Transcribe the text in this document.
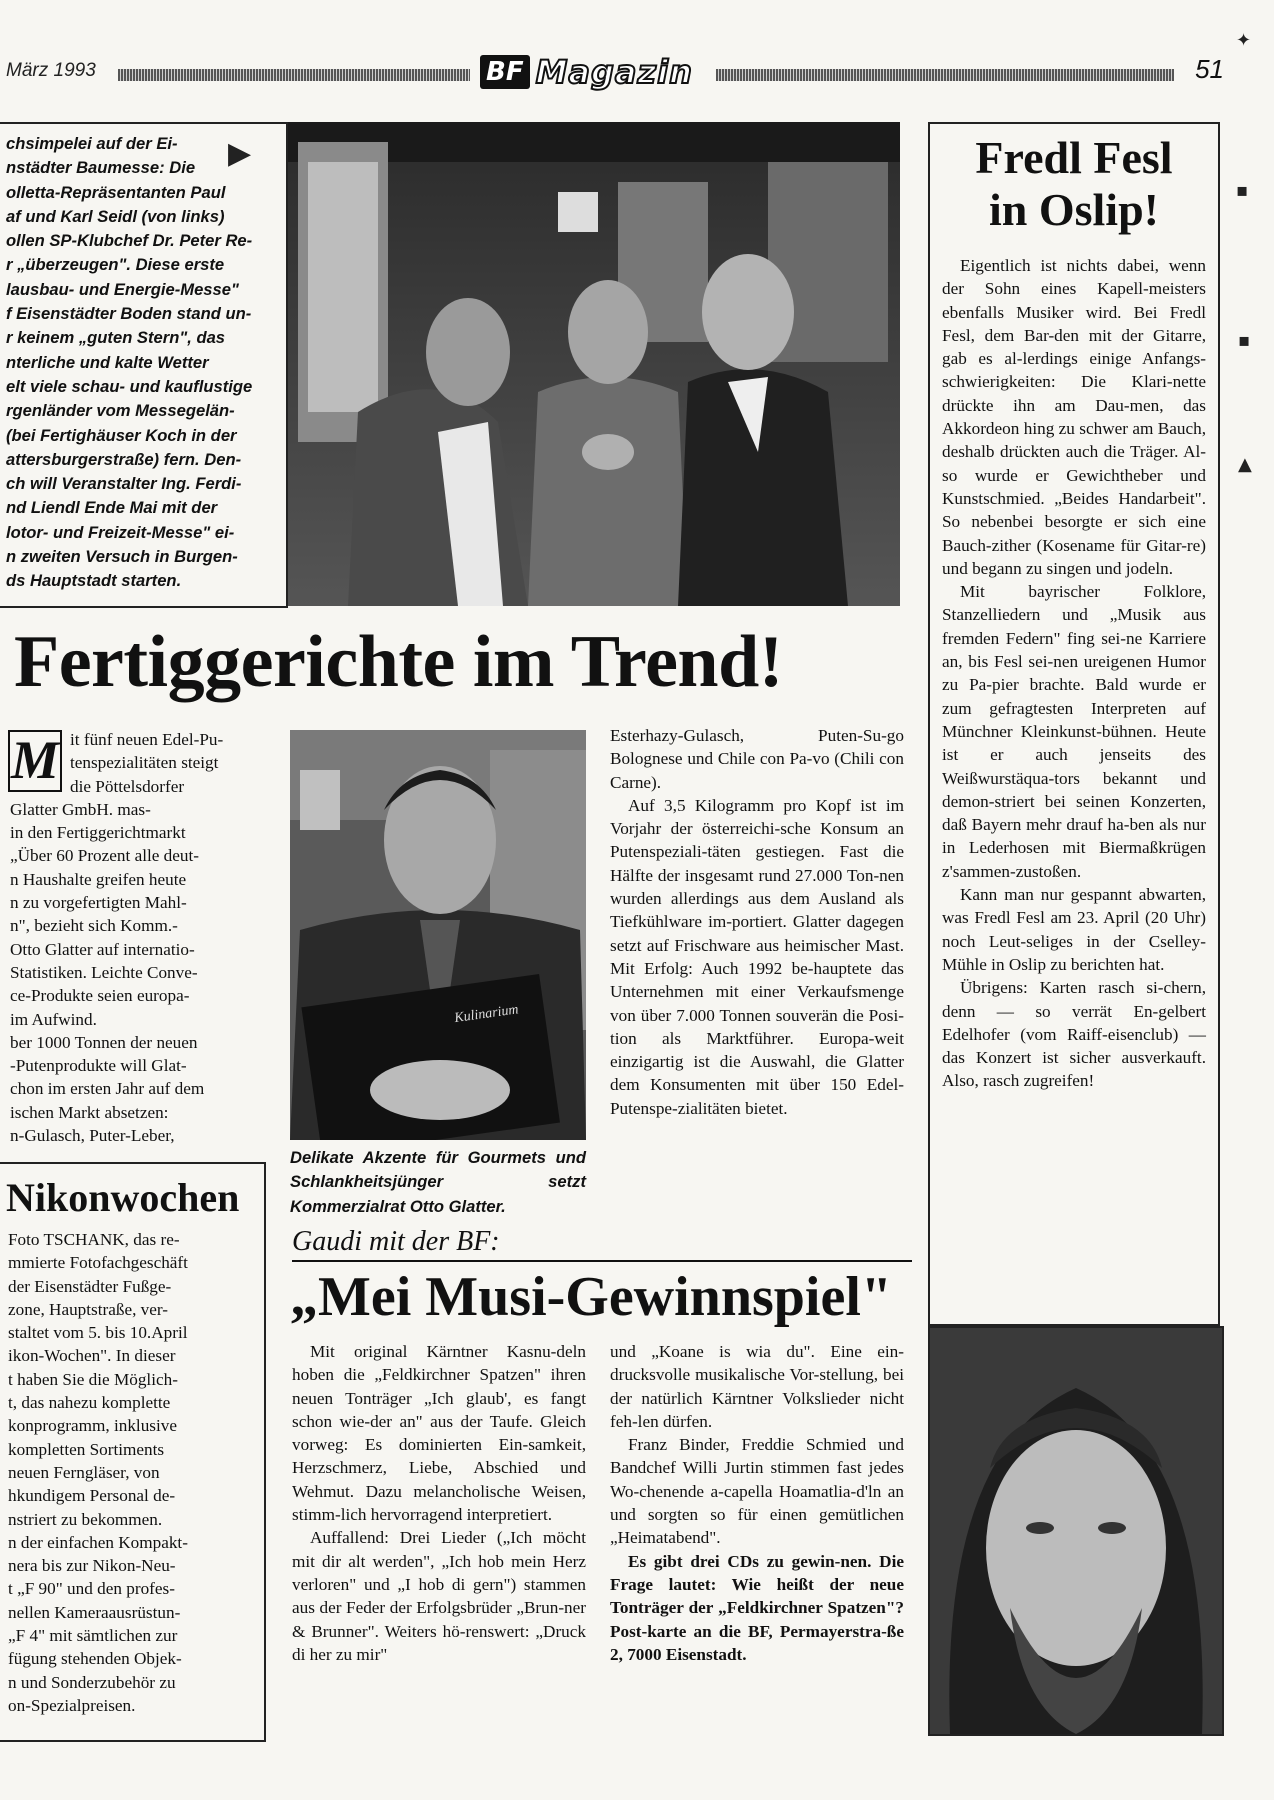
März 1993	BF Magazin	51
▶
chsimpelei auf der Ei-
nstädter Baumesse: Die
olletta-Repräsentanten Paul
af und Karl Seidl (von links)
ollen SP-Klubchef Dr. Peter Re-
r „überzeugen". Diese erste
lausbau- und Energie-Messe"
f Eisenstädter Boden stand un-
r keinem „guten Stern", das
nterliche und kalte Wetter
elt viele schau- und kauflustige
rgenländer vom Messegelän-
(bei Fertighäuser Koch in der
attersburgerstraße) fern. Den-
ch will Veranstalter Ing. Ferdi-
nd Liendl Ende Mai mit der
lotor- und Freizeit-Messe" ei-
n zweiten Versuch in Burgen-
ds Hauptstadt starten.
Fredl Fesl
in Oslip!

Eigentlich ist nichts dabei, wenn der Sohn eines Kapell-meisters ebenfalls Musiker wird. Bei Fredl Fesl, dem Bar-den mit der Gitarre, gab es al-lerdings einige Anfangs-schwierigkeiten: Die Klari-nette drückte ihn am Dau-men, das Akkordeon hing zu schwer am Bauch, deshalb drückten auch die Träger. Al-so wurde er Gewichtheber und Kunstschmied. „Beides Handarbeit". So nebenbei besorgte er sich eine Bauch-zither (Kosename für Gitar-re) und begann zu singen und jodeln.

Mit bayrischer Folklore, Stanzelliedern und „Musik aus fremden Federn" fing sei-ne Karriere an, bis Fesl sei-nen ureigenen Humor zu Pa-pier brachte. Bald wurde er zum gefragtesten Interpreten auf Münchner Kleinkunst-bühnen. Heute ist er auch jenseits des Weißwurstäqua-tors bekannt und demon-striert bei seinen Konzerten, daß Bayern mehr drauf ha-ben als nur in Lederhosen mit Biermaßkrügen z'sammen-zustoßen.

Kann man nur gespannt abwarten, was Fredl Fesl am 23. April (20 Uhr) noch Leut-seliges in der Cselley-Mühle in Oslip zu berichten hat.

Übrigens: Karten rasch si-chern, denn — so verrät En-gelbert Edelhofer (vom Raiff-eisenclub) — das Konzert ist sicher ausverkauft. Also, rasch zugreifen!

Fertiggerichte im Trend!
M it fünf neuen Edel-Pu-
tenspezialitäten steigt
die Pöttelsdorfer
Glatter GmbH. mas-
in den Fertiggerichtmarkt
„Über 60 Prozent alle deut-
n Haushalte greifen heute
n zu vorgefertigten Mahl-
n", bezieht sich Komm.-
Otto Glatter auf internatio-
Statistiken. Leichte Conve-
ce-Produkte seien europa-
im Aufwind.
ber 1000 Tonnen der neuen
-Putenprodukte will Glat-
chon im ersten Jahr auf dem
ischen Markt absetzen:
n-Gulasch, Puter-Leber,
Kulinarium
Delikate Akzente für Gourmets und Schlankheitsjünger setzt Kommerzialrat Otto Glatter.

Esterhazy-Gulasch, Puten-Su-go Bolognese und Chile con Pa-vo (Chili con Carne).

Auf 3,5 Kilogramm pro Kopf ist im Vorjahr der österreichi-sche Konsum an Putenspeziali-täten gestiegen. Fast die Hälfte der insgesamt rund 27.000 Ton-nen wurden allerdings aus dem Ausland als Tiefkühlware im-portiert. Glatter dagegen setzt auf Frischware aus heimischer Mast. Mit Erfolg: Auch 1992 be-hauptete das Unternehmen mit einer Verkaufsmenge von über 7.000 Tonnen souverän die Posi-tion als Marktführer. Europa-weit einzigartig ist die Auswahl, die Glatter dem Konsumenten mit über 150 Edel-Putenspe-zialitäten bietet.

Nikonwochen
Foto TSCHANK, das re-
mmierte Fotofachgeschäft
der Eisenstädter Fußge-
zone, Hauptstraße, ver-
staltet vom 5. bis 10.April
ikon-Wochen". In dieser
t haben Sie die Möglich-
t, das nahezu komplette
konprogramm, inklusive
kompletten Sortiments
neuen Ferngläser, von
hkundigem Personal de-
nstriert zu bekommen.
n der einfachen Kompakt-
nera bis zur Nikon-Neu-
t „F 90" und den profes-
nellen Kameraausrüstun-
„F 4" mit sämtlichen zur
fügung stehenden Objek-
n und Sonderzubehör zu
on-Spezialpreisen.
Gaudi mit der BF:
„Mei Musi-Gewinnspiel"

Mit original Kärntner Kasnu-deln hoben die „Feldkirchner Spatzen" ihren neuen Tonträger „Ich glaub', es fangt schon wie-der an" aus der Taufe. Gleich vorweg: Es dominierten Ein-samkeit, Herzschmerz, Liebe, Abschied und Wehmut. Dazu melancholische Weisen, stimm-lich hervorragend interpretiert.

Auffallend: Drei Lieder („Ich möcht mit dir alt werden", „Ich hob mein Herz verloren" und „I hob di gern") stammen aus der Feder der Erfolgsbrüder „Brun-ner & Brunner". Weiters hö-renswert: „Druck di her zu mir"

und „Koane is wia du". Eine ein-drucksvolle musikalische Vor-stellung, bei der natürlich Kärntner Volkslieder nicht feh-len dürfen.

Franz Binder, Freddie Schmied und Bandchef Willi Jurtin stimmen fast jedes Wo-chenende a-capella Hoamatlia-d'ln an und sorgten so für einen gemütlichen „Heimatabend".

Es gibt drei CDs zu gewin-nen. Die Frage lautet: Wie heißt der neue Tonträger der „Feldkirchner Spatzen"? Post-karte an die BF, Permayerstra-ße 2, 7000 Eisenstadt.

✦
▪
▪
▲
